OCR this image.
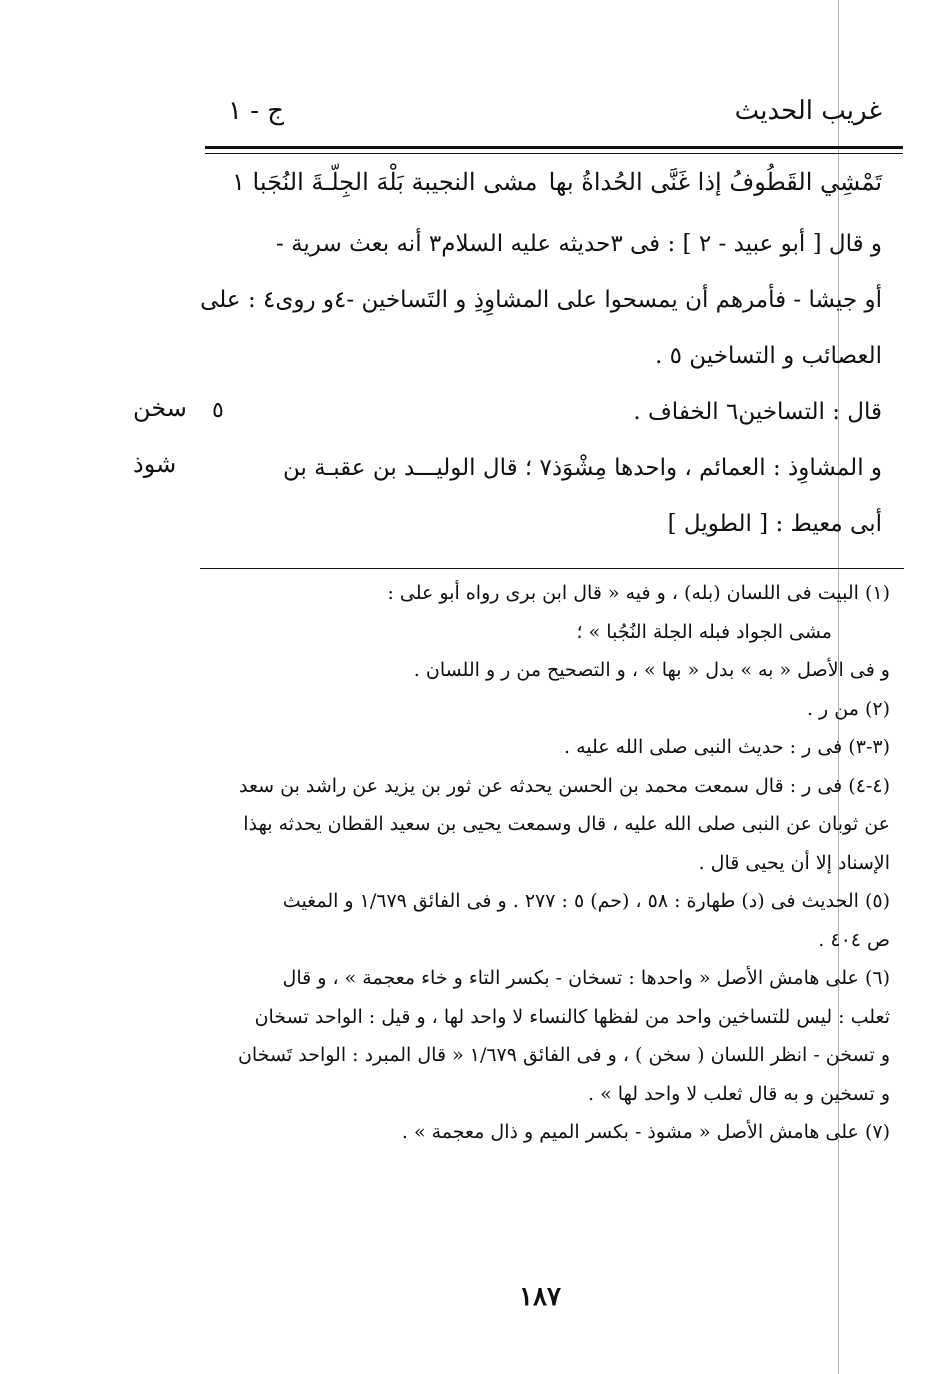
غريب الحديث
ج - ١
تَمْشِي القَطُوفُ إذا غَنَّى الحُداةُ بها
مشى النجيبة بَلْهَ الجِلّـةَ النُجَبا ١
و قال [ أبو عبيد - ٢ ] : فى ٣حديثه عليه السلام٣ أنه بعث سرية -
أو جيشا - فأمرهم أن يمسحوا على المشاوِذِ و التَساخين -٤و روى٤ : على
العصائب و التساخين ٥ .
قال : التساخين٦ الخفاف .
و المشاوِذ : العمائم ، واحدها مِشْوَذ٧ ؛ قال الوليـــد بن عقبـة بن
أبى معيط : [ الطويل ]
٥
سخن
شوذ
(١) البيت فى اللسان (بله) ، و فيه « قال ابن برى رواه أبو على :
مشى الجواد فبله الجلة النُجُبا » ؛
و فى الأصل « به » بدل « بها » ، و التصحيح من ر و اللسان .
(٢) من ر .
(٣-٣) فى ر : حديث النبى صلى الله عليه .
(٤-٤) فى ر : قال سمعت محمد بن الحسن يحدثه عن ثور بن يزيد عن راشد بن سعد
عن ثوبان عن النبى صلى الله عليه ، قال وسمعت يحيى بن سعيد القطان يحدثه بهذا
الإسناد إلا أن يحيى قال .
(٥) الحديث فى (د) طهارة : ٥٨ ، (حم) ٥ : ٢٧٧ . و فى الفائق ١/٦٧٩ و المغيث
ص ٤٠٤ .
(٦) على هامش الأصل « واحدها : تسخان - بكسر التاء و خاء معجمة » ، و قال
ثعلب : ليس للتساخين واحد من لفظها كالنساء لا واحد لها ، و قيل : الواحد تسخان
و تسخن - انظر اللسان ( سخن ) ، و فى الفائق ١/٦٧٩ « قال المبرد : الواحد تَسخان
و تسخين و به قال ثعلب لا واحد لها » .
(٧) على هامش الأصل « مشوذ - بكسر الميم و ذال معجمة » .
١٨٧
